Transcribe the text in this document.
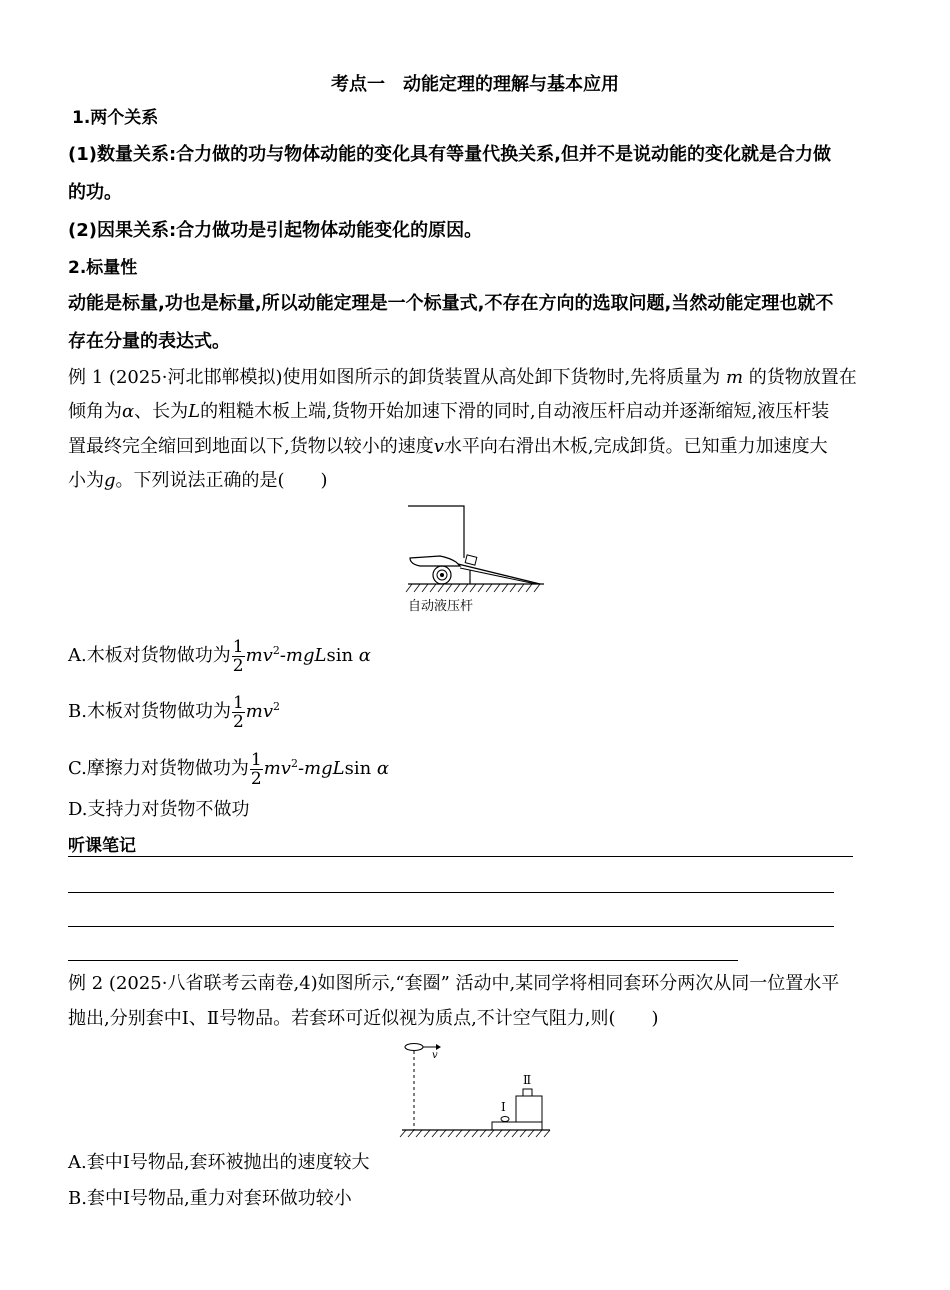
考点一　动能定理的理解与基本应用
1.两个关系
(1)数量关系:合力做的功与物体动能的变化具有等量代换关系,但并不是说动能的变化就是合力做
的功。
(2)因果关系:合力做功是引起物体动能变化的原因。
2.标量性
动能是标量,功也是标量,所以动能定理是一个标量式,不存在方向的选取问题,当然动能定理也就不
存在分量的表达式。
例 1 (2025·河北邯郸模拟)使用如图所示的卸货装置从高处卸下货物时,先将质量为 m 的货物放置在
倾角为α、长为L的粗糙木板上端,货物开始加速下滑的同时,自动液压杆启动并逐渐缩短,液压杆装
置最终完全缩回到地面以下,货物以较小的速度v水平向右滑出木板,完成卸货。已知重力加速度大
小为g。下列说法正确的是(　　)
自动液压杆
A.木板对货物做功为 $\frac{1}{2} mv^2-mgLsin$ α
B.木板对货物做功为 $\frac{1}{2} mv^2$
C.摩擦力对货物做功为 $\frac{1}{2} mv^2-mgLsin$ α
D.支持力对货物不做功
听课笔记
例 2 (2025·八省联考云南卷,4)如图所示,“套圈” 活动中,某同学将相同套环分两次从同一位置水平
抛出,分别套中Ⅰ、Ⅱ号物品。若套环可近似视为质点,不计空气阻力,则(　　)
v
Ⅰ
Ⅱ
A.套中Ⅰ号物品,套环被抛出的速度较大
B.套中Ⅰ号物品,重力对套环做功较小
